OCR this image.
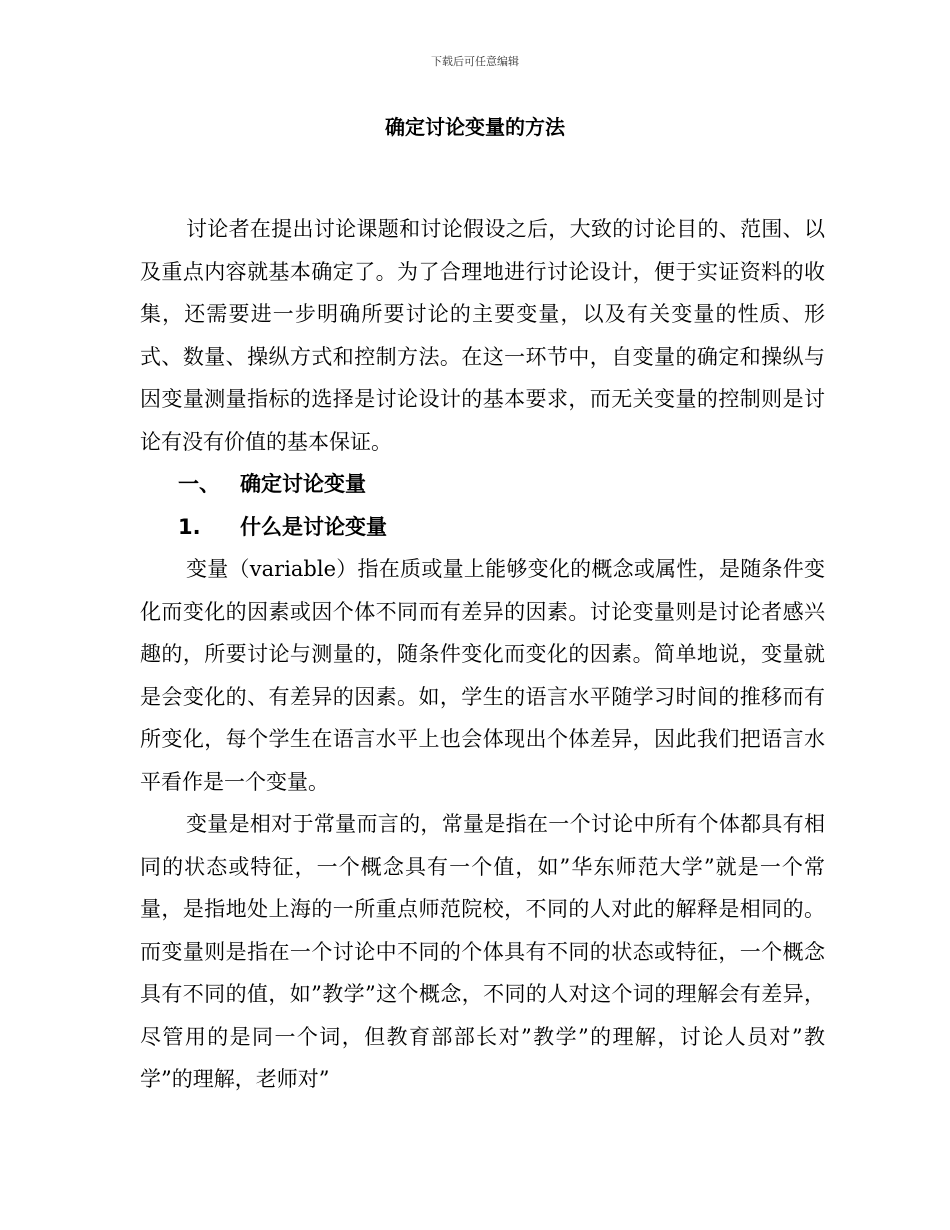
下载后可任意编辑
确定讨论变量的方法

讨论者在提出讨论课题和讨论假设之后，大致的讨论目的、范围、以及重点内容就基本确定了。为了合理地进行讨论设计，便于实证资料的收集，还需要进一步明确所要讨论的主要变量，以及有关变量的性质、形式、数量、操纵方式和控制方法。在这一环节中，自变量的确定和操纵与因变量测量指标的选择是讨论设计的基本要求，而无关变量的控制则是讨论有没有价值的基本保证。

一、 确定讨论变量

1. 什么是讨论变量

变量（variable）指在质或量上能够变化的概念或属性，是随条件变化而变化的因素或因个体不同而有差异的因素。讨论变量则是讨论者感兴趣的，所要讨论与测量的，随条件变化而变化的因素。简单地说，变量就是会变化的、有差异的因素。如，学生的语言水平随学习时间的推移而有所变化，每个学生在语言水平上也会体现出个体差异，因此我们把语言水平看作是一个变量。

变量是相对于常量而言的，常量是指在一个讨论中所有个体都具有相同的状态或特征，一个概念具有一个值，如”华东师范大学”就是一个常量，是指地处上海的一所重点师范院校，不同的人对此的解释是相同的。而变量则是指在一个讨论中不同的个体具有不同的状态或特征，一个概念具有不同的值，如”教学”这个概念，不同的人对这个词的理解会有差异，尽管用的是同一个词，但教育部部长对”教学”的理解，讨论人员对”教学”的理解，老师对”
